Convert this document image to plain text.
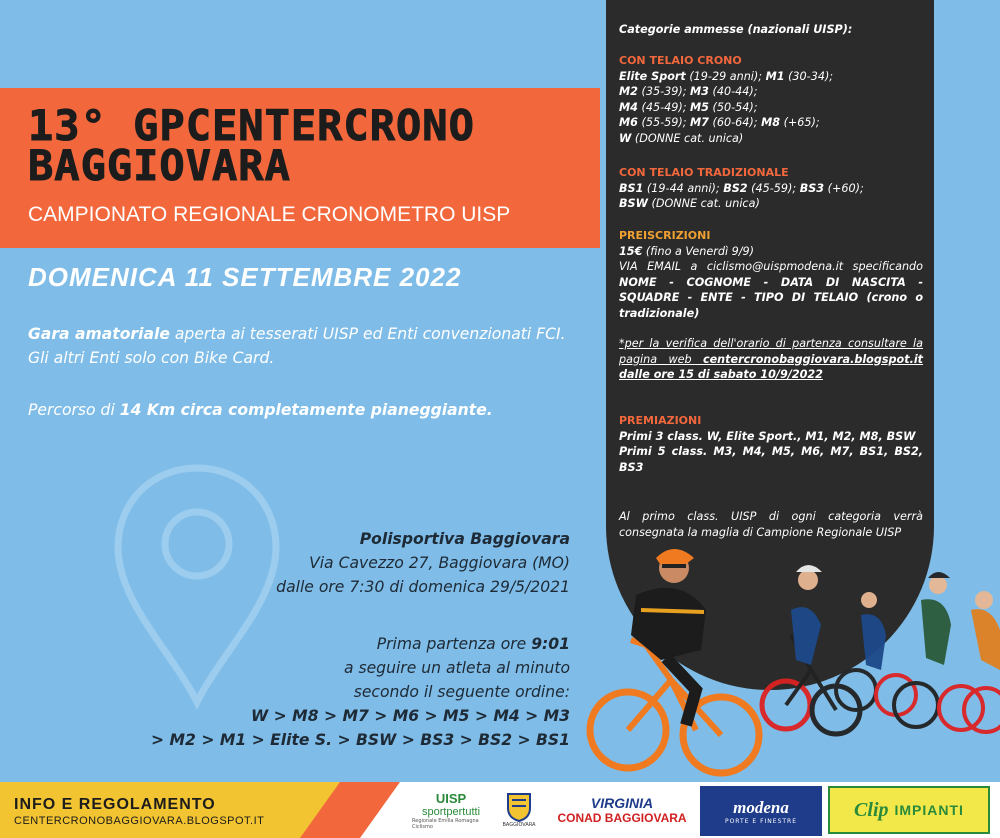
13° GPCENTERCRONO
BAGGIOVARA
CAMPIONATO REGIONALE CRONOMETRO UISP
DOMENICA 11 SETTEMBRE 2022
Gara amatoriale aperta ai tesserati UISP ed Enti convenzionati FCI. Gli altri Enti solo con Bike Card.
Percorso di 14 Km circa completamente pianeggiante.
Polisportiva Baggiovara
Via Cavezzo 27, Baggiovara (MO)
dalle ore 7:30 di domenica 29/5/2021
Prima partenza ore 9:01
a seguire un atleta al minuto
secondo il seguente ordine:
W > M8 > M7 > M6 > M5 > M4 > M3
> M2 > M1 > Elite S. > BSW > BS3 > BS2 > BS1
Categorie ammesse (nazionali UISP):
CON TELAIO CRONO
Elite Sport (19-29 anni); M1 (30-34);
M2 (35-39); M3 (40-44);
M4 (45-49); M5 (50-54);
M6 (55-59); M7 (60-64); M8 (+65);
W (DONNE cat. unica)
CON TELAIO TRADIZIONALE
BS1 (19-44 anni); BS2 (45-59); BS3 (+60);
BSW (DONNE cat. unica)
PREISCRIZIONI
15€ (fino a Venerdì 9/9)
VIA EMAIL a ciclismo@uispmodena.it specificando NOME - COGNOME - DATA DI NASCITA - SQUADRE - ENTE - TIPO DI TELAIO (crono o tradizionale)
*per la verifica dell'orario di partenza consultare la pagina web centercronobaggiovara.blogspot.it dalle ore 15 di sabato 10/9/2022
PREMIAZIONI
Primi 3 class. W, Elite Sport., M1, M2, M8, BSW
Primi 5 class. M3, M4, M5, M6, M7, BS1, BS2, BS3
Al primo class. UISP di ogni categoria verrà consegnata la maglia di Campione Regionale UISP
INFO E REGOLAMENTO
CENTERCRONOBAGGIOVARA.BLOGSPOT.IT
UISP
sportpertutti
Regionale Emilia Romagna Ciclismo	BAGGIOVARA
VIRGINIA
CONAD BAGGIOVARA
modena
PORTE E FINESTRE
Clip IMPIANTI
